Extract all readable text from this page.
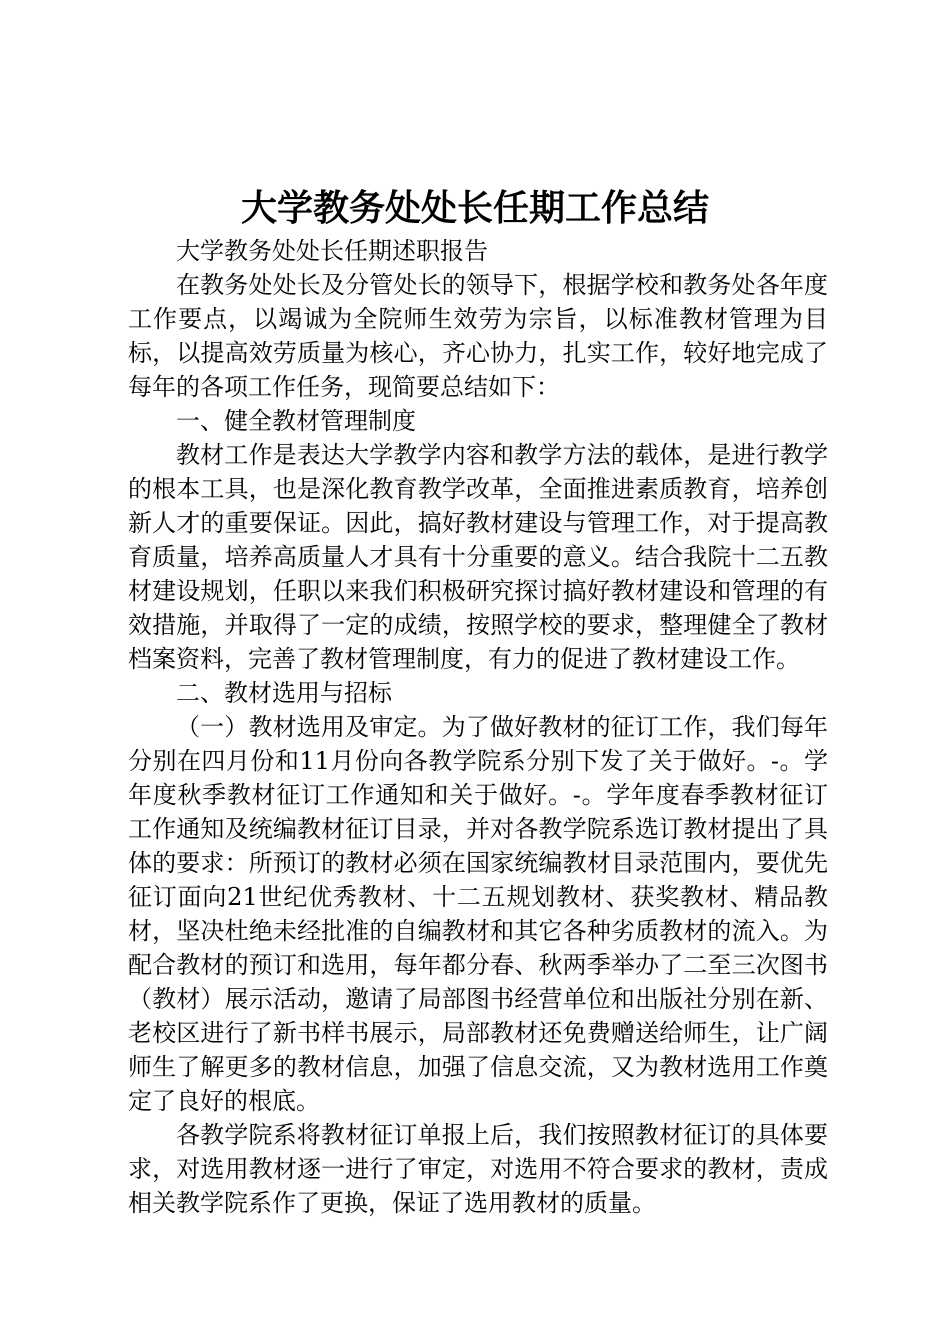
大学教务处处长任期工作总结

大学教务处处长任期述职报告

在教务处处长及分管处长的领导下，根据学校和教务处各年度工作要点，以竭诚为全院师生效劳为宗旨，以标准教材管理为目标，以提高效劳质量为核心，齐心协力，扎实工作，较好地完成了每年的各项工作任务，现简要总结如下：

一、健全教材管理制度

教材工作是表达大学教学内容和教学方法的载体，是进行教学的根本工具，也是深化教育教学改革，全面推进素质教育，培养创新人才的重要保证。因此，搞好教材建设与管理工作，对于提高教育质量，培养高质量人才具有十分重要的意义。结合我院十二五教材建设规划，任职以来我们积极研究探讨搞好教材建设和管理的有效措施，并取得了一定的成绩，按照学校的要求，整理健全了教材档案资料，完善了教材管理制度，有力的促进了教材建设工作。

二、教材选用与招标

（一）教材选用及审定。为了做好教材的征订工作，我们每年分别在四月份和11月份向各教学院系分别下发了关于做好。-。学年度秋季教材征订工作通知和关于做好。-。学年度春季教材征订工作通知及统编教材征订目录，并对各教学院系选订教材提出了具体的要求：所预订的教材必须在国家统编教材目录范围内，要优先征订面向21世纪优秀教材、十二五规划教材、获奖教材、精品教材，坚决杜绝未经批准的自编教材和其它各种劣质教材的流入。为配合教材的预订和选用，每年都分春、秋两季举办了二至三次图书（教材）展示活动，邀请了局部图书经营单位和出版社分别在新、老校区进行了新书样书展示，局部教材还免费赠送给师生，让广阔师生了解更多的教材信息，加强了信息交流，又为教材选用工作奠定了良好的根底。

各教学院系将教材征订单报上后，我们按照教材征订的具体要求，对选用教材逐一进行了审定，对选用不符合要求的教材，责成相关教学院系作了更换，保证了选用教材的质量。
